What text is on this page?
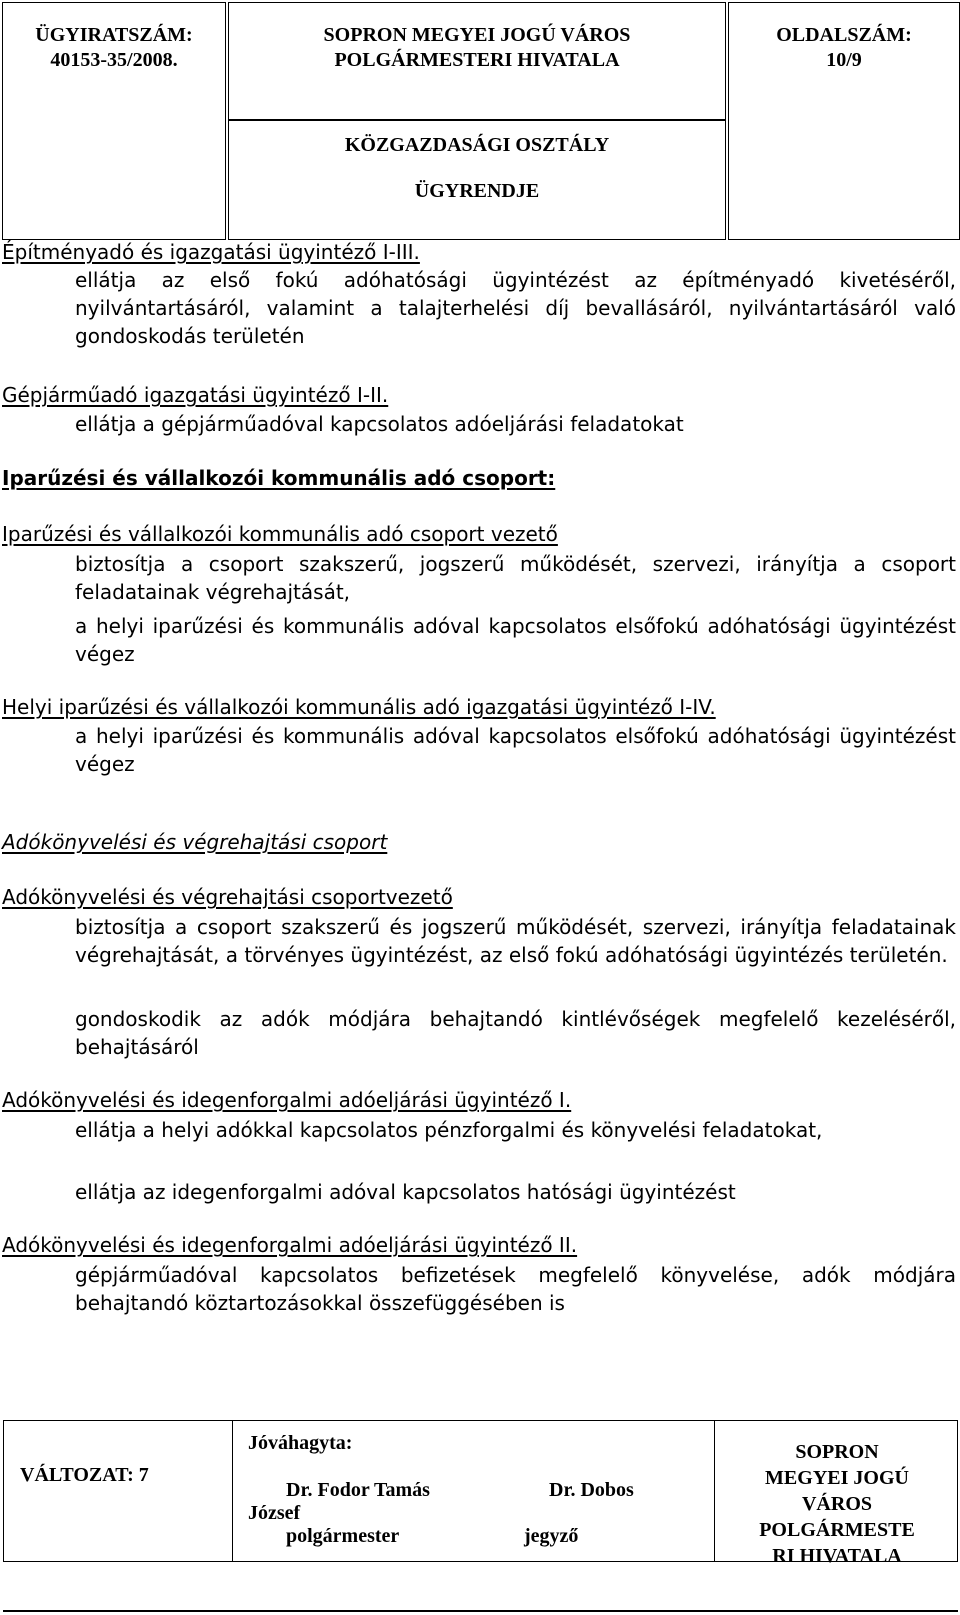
ÜGYIRATSZÁM:
40153-35/2008.
SOPRON MEGYEI JOGÚ VÁROS
POLGÁRMESTERI HIVATALA
KÖZGAZDASÁGI OSZTÁLY
ÜGYRENDJE
OLDALSZÁM:
10/9
Építményadó és igazgatási ügyintéző I-III.
ellátja az első fokú adóhatósági ügyintézést az építményadó kivetéséről, nyilvántartásáról, valamint a talajterhelési díj bevallásáról, nyilvántartásáról való gondoskodás területén
Gépjárműadó igazgatási ügyintéző I-II.
ellátja a gépjárműadóval kapcsolatos adóeljárási feladatokat
Iparűzési és vállalkozói kommunális adó csoport:
Iparűzési és vállalkozói kommunális adó csoport vezető
biztosítja a csoport szakszerű, jogszerű működését, szervezi, irányítja a csoport feladatainak végrehajtását,
a helyi iparűzési és kommunális adóval kapcsolatos elsőfokú adóhatósági ügyintézést végez
Helyi iparűzési és vállalkozói kommunális adó igazgatási ügyintéző I-IV.
a helyi iparűzési és kommunális adóval kapcsolatos elsőfokú adóhatósági ügyintézést végez
Adókönyvelési és végrehajtási csoport
Adókönyvelési és végrehajtási csoportvezető
biztosítja a csoport szakszerű és jogszerű működését, szervezi, irányítja feladatainak végrehajtását, a törvényes ügyintézést, az első fokú adóhatósági ügyintézés területén.
gondoskodik az adók módjára behajtandó kintlévőségek megfelelő kezeléséről, behajtásáról
Adókönyvelési és idegenforgalmi adóeljárási ügyintéző I.
ellátja a helyi adókkal kapcsolatos pénzforgalmi és könyvelési feladatokat,
ellátja az idegenforgalmi adóval kapcsolatos hatósági ügyintézést
Adókönyvelési és idegenforgalmi adóeljárási ügyintéző II.
gépjárműadóval kapcsolatos befizetések megfelelő könyvelése, adók módjára behajtandó köztartozásokkal összefüggésében is
VÁLTOZAT: 7
Jóváhagyta:
Dr. Fodor Tamás	Dr. Dobos
József
polgármester	jegyző
SOPRON
MEGYEI JOGÚ
VÁROS
POLGÁRMESTE
RI HIVATALA
